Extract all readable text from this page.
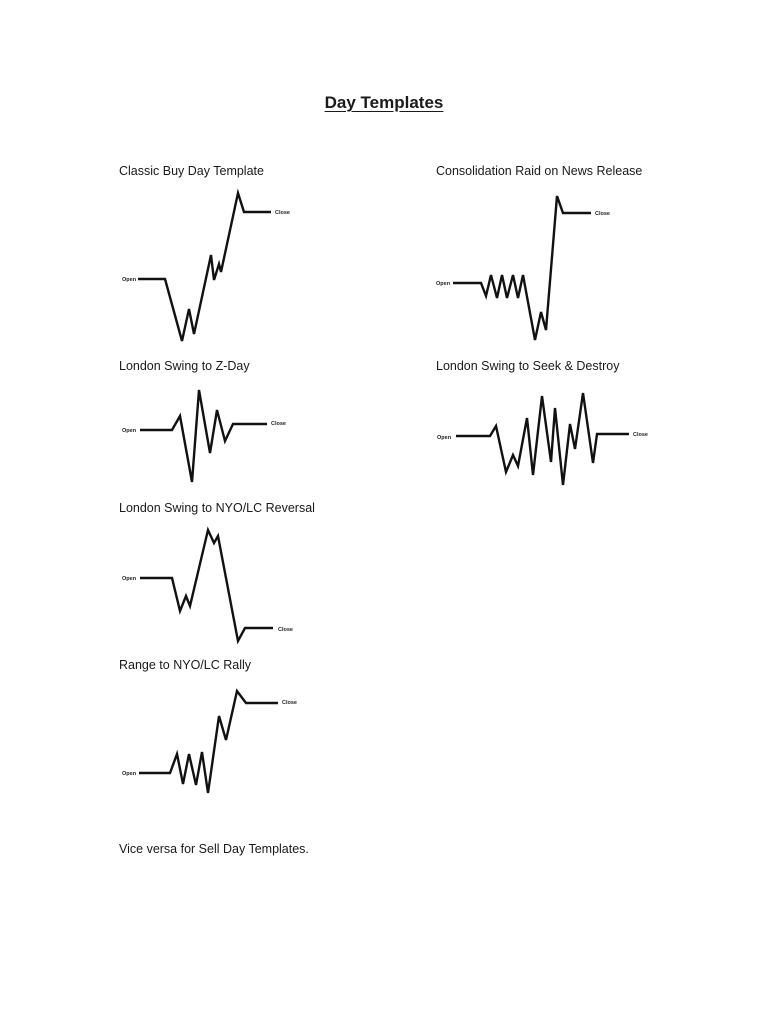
Day Templates
Classic Buy Day Template
Open
Close
Consolidation Raid on News Release
Open
Close
London Swing to Z-Day
Open
Close
London Swing to Seek & Destroy
Open	Close
London Swing to NYO/LC Reversal
Open
Close
Range to NYO/LC Rally
Open
Close
Vice versa for Sell Day Templates.
